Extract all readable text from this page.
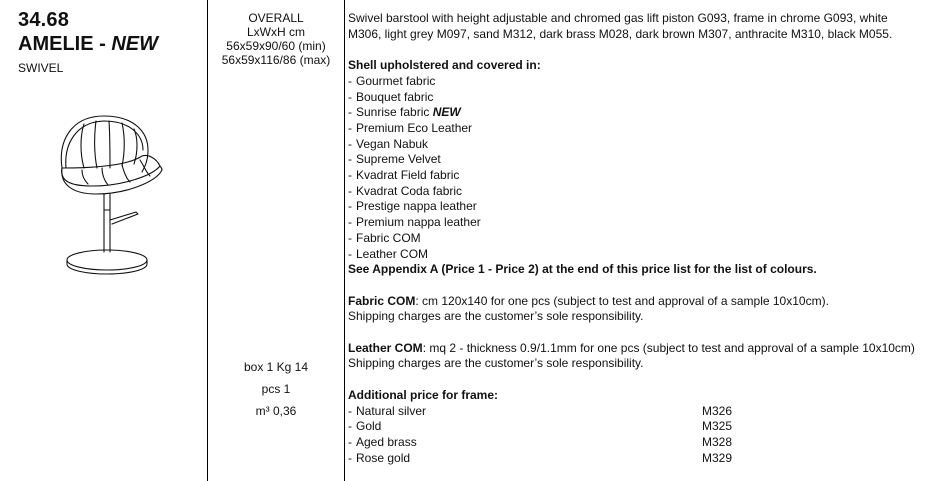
34.68
AMELIE - NEW
SWIVEL
OVERALL
LxWxH cm
56x59x90/60 (min)
56x59x116/86 (max)
box 1 Kg 14
pcs 1
m³ 0,36

Swivel barstool with height adjustable and chromed gas lift piston G093, frame in chrome G093, white M306, light grey M097, sand M312, dark brass M028, dark brown M307, anthracite M310, black M055.

Shell upholstered and covered in:

- Gourmet fabric
- Bouquet fabric
- Sunrise fabric NEW
- Premium Eco Leather
- Vegan Nabuk
- Supreme Velvet
- Kvadrat Field fabric
- Kvadrat Coda fabric
- Prestige nappa leather
- Premium nappa leather
- Fabric COM
- Leather COM

See Appendix A (Price 1 - Price 2) at the end of this price list for the list of colours.

Fabric COM: cm 120x140 for one pcs (subject to test and approval of a sample 10x10cm).

Shipping charges are the customer’s sole responsibility.

Leather COM: mq 2 - thickness 0.9/1.1mm for one pcs (subject to test and approval of a sample 10x10cm)

Shipping charges are the customer’s sole responsibility.

Additional price for frame:

- Natural silver	M326
- Gold	M325
- Aged brass	M328
- Rose gold	M329
